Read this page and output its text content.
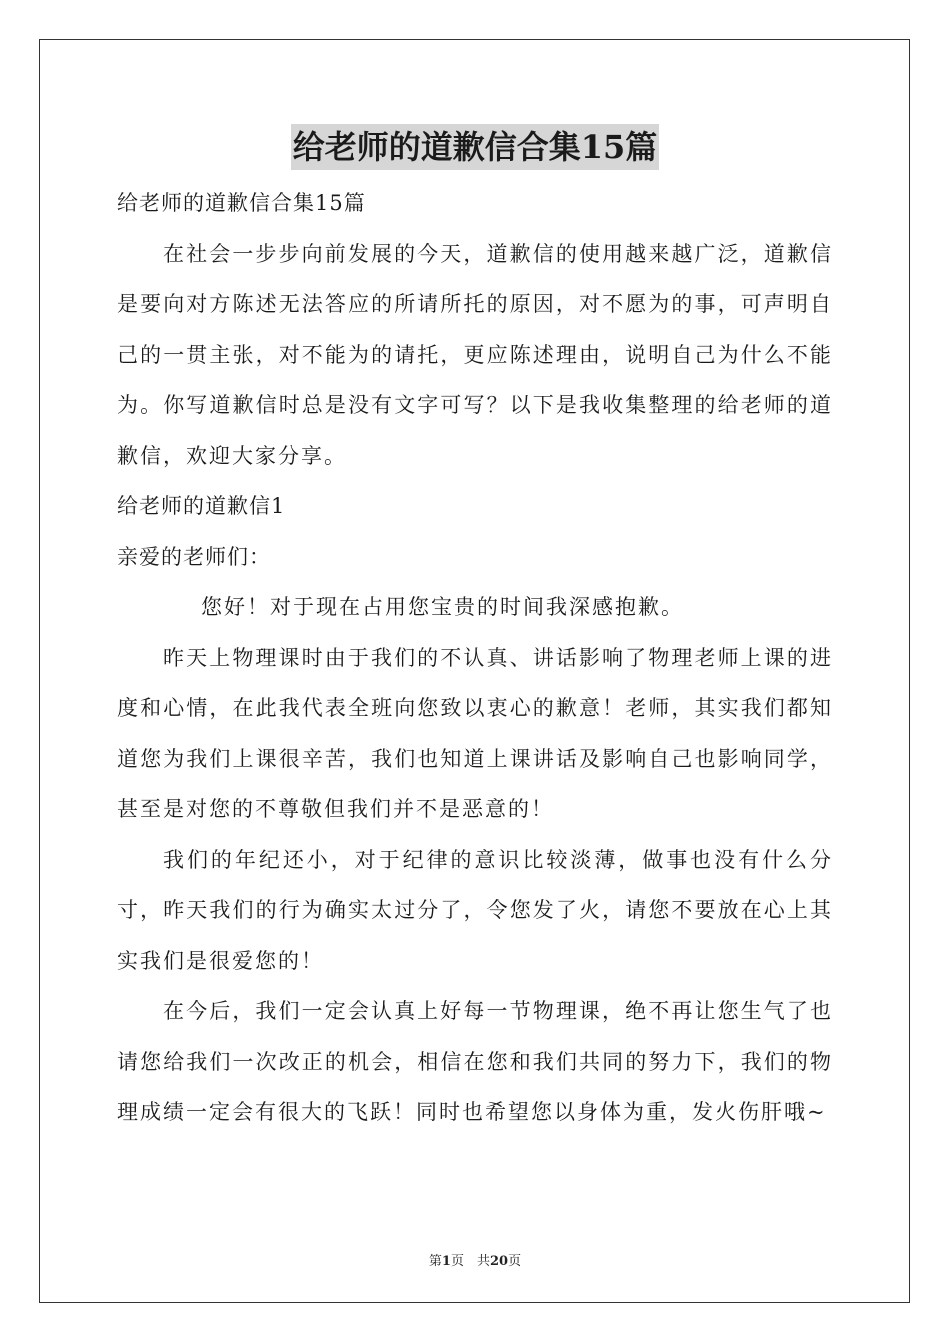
给老师的道歉信合集15篇

给老师的道歉信合集15篇

在社会一步步向前发展的今天，道歉信的使用越来越广泛，道歉信是要向对方陈述无法答应的所请所托的原因，对不愿为的事，可声明自己的一贯主张，对不能为的请托，更应陈述理由，说明自己为什么不能为。你写道歉信时总是没有文字可写？以下是我收集整理的给老师的道歉信，欢迎大家分享。

给老师的道歉信1

亲爱的老师们：

您好！对于现在占用您宝贵的时间我深感抱歉。

昨天上物理课时由于我们的不认真、讲话影响了物理老师上课的进度和心情，在此我代表全班向您致以衷心的歉意！老师，其实我们都知道您为我们上课很辛苦，我们也知道上课讲话及影响自己也影响同学，甚至是对您的不尊敬但我们并不是恶意的！

我们的年纪还小，对于纪律的意识比较淡薄，做事也没有什么分寸，昨天我们的行为确实太过分了，令您发了火，请您不要放在心上其实我们是很爱您的！

在今后，我们一定会认真上好每一节物理课，绝不再让您生气了也请您给我们一次改正的机会，相信在您和我们共同的努力下，我们的物理成绩一定会有很大的飞跃！同时也希望您以身体为重，发火伤肝哦~

第1页　共20页
